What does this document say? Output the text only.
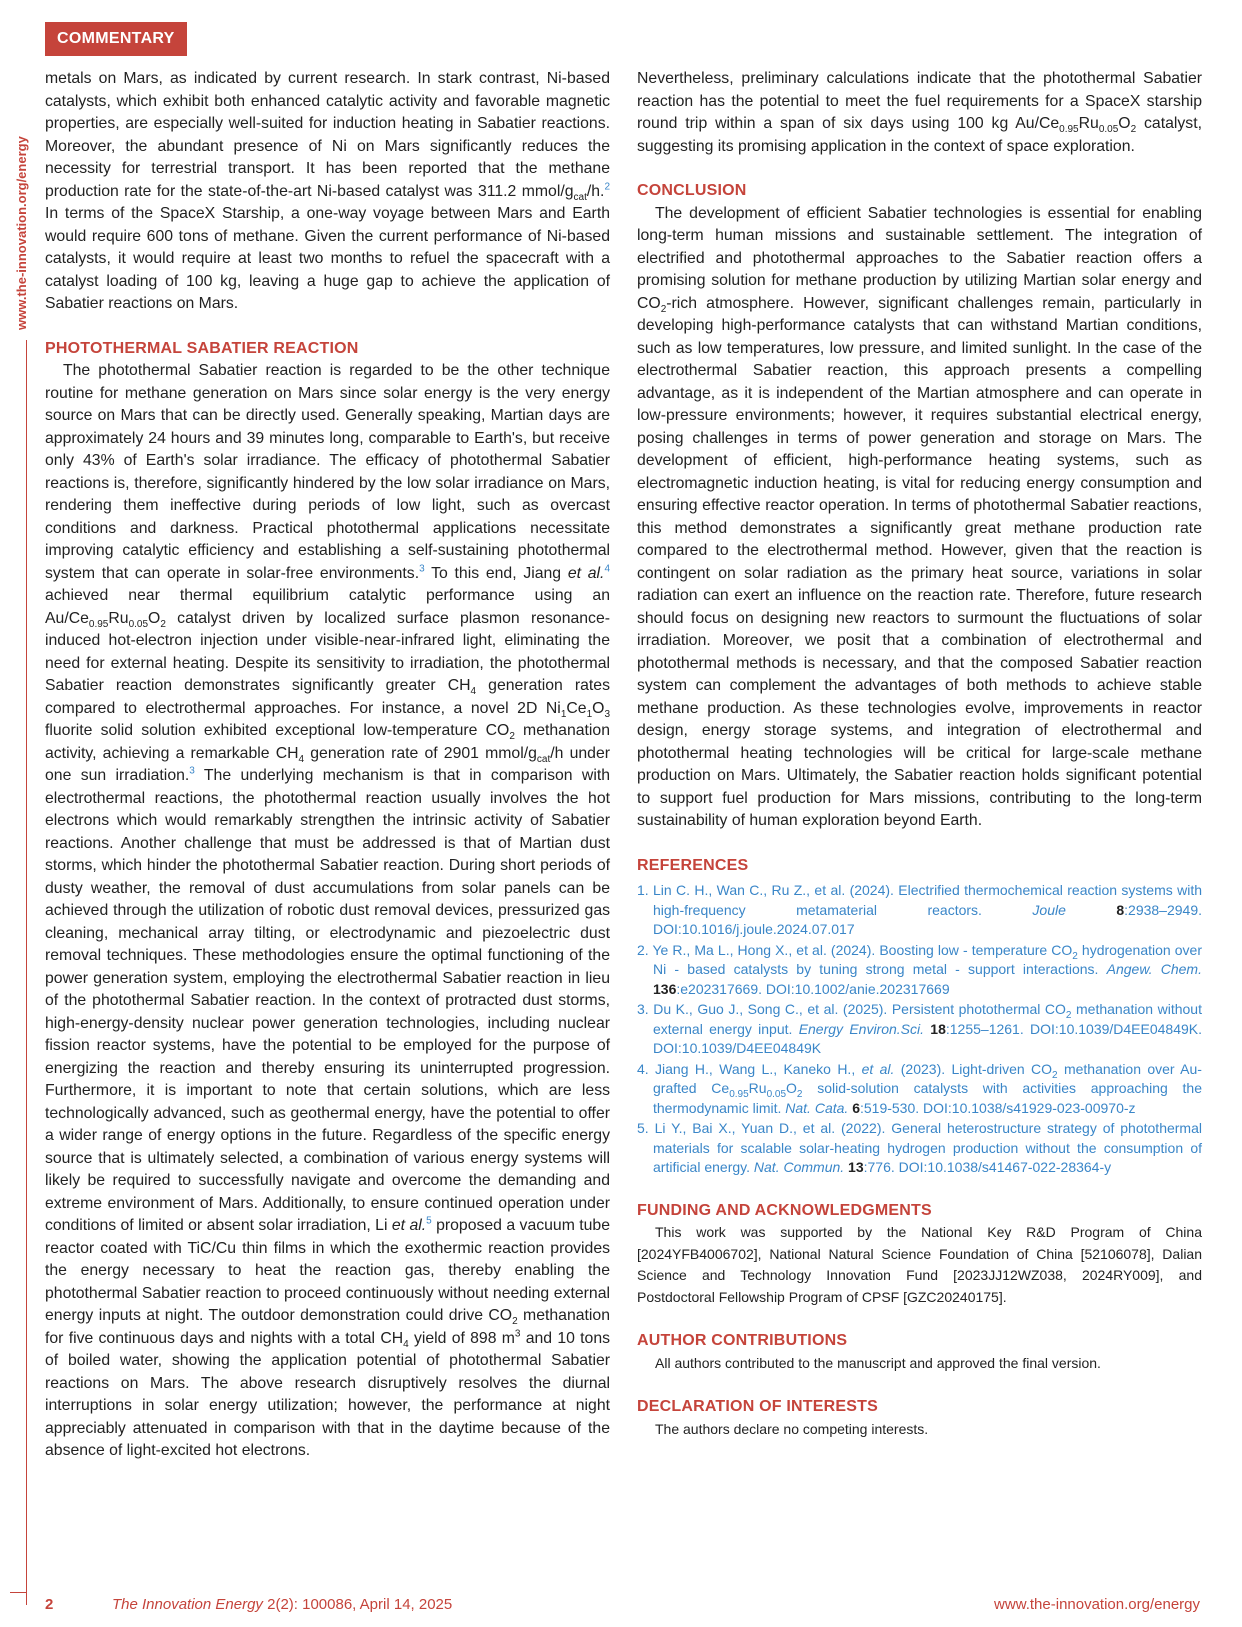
COMMENTARY
www.the-innovation.org/energy

metals on Mars, as indicated by current research. In stark contrast, Ni-based catalysts, which exhibit both enhanced catalytic activity and favorable magnetic properties, are especially well-suited for induction heating in Sabatier reactions. Moreover, the abundant presence of Ni on Mars significantly reduces the necessity for terrestrial transport. It has been reported that the methane production rate for the state-of-the-art Ni-based catalyst was 311.2 mmol/$g_{cat}/h.^2$ In terms of the SpaceX Starship, a one-way voyage between Mars and Earth would require 600 tons of methane. Given the current performance of Ni-based catalysts, it would require at least two months to refuel the spacecraft with a catalyst loading of 100 kg, leaving a huge gap to achieve the application of Sabatier reactions on Mars.

PHOTOTHERMAL SABATIER REACTION

The photothermal Sabatier reaction is regarded to be the other technique routine for methane generation on Mars since solar energy is the very energy source on Mars that can be directly used. Generally speaking, Martian days are approximately 24 hours and 39 minutes long, comparable to Earth's, but receive only 43% of Earth's solar irradiance. The efficacy of photothermal Sabatier reactions is, therefore, significantly hindered by the low solar irradiance on Mars, rendering them ineffective during periods of low light, such as overcast conditions and darkness. Practical photothermal applications necessitate improving catalytic efficiency and establishing a self-sustaining photothermal system that can operate in solar-free environments.$^3$ To this end, Jiang et al.$^4$ achieved near thermal equilibrium catalytic performance using an $Au/Ce_{0.95}Ru_{0.05}O_2$ catalyst driven by localized surface plasmon resonance-induced hot-electron injection under visible-near-infrared light, eliminating the need for external heating. Despite its sensitivity to irradiation, the photothermal Sabatier reaction demonstrates significantly greater $CH_4$ generation rates compared to electrothermal approaches. For instance, a novel 2D $Ni_1Ce_1O_3$ fluorite solid solution exhibited exceptional low-temperature $CO_2$ methanation activity, achieving a remarkable $CH_4$ generation rate of 2901 mmol/$g_{cat}/h$ under one sun irradiation.$^3$ The underlying mechanism is that in comparison with electrothermal reactions, the photothermal reaction usually involves the hot electrons which would remarkably strengthen the intrinsic activity of Sabatier reactions. Another challenge that must be addressed is that of Martian dust storms, which hinder the photothermal Sabatier reaction. During short periods of dusty weather, the removal of dust accumulations from solar panels can be achieved through the utilization of robotic dust removal devices, pressurized gas cleaning, mechanical array tilting, or electrodynamic and piezoelectric dust removal techniques. These methodologies ensure the optimal functioning of the power generation system, employing the electrothermal Sabatier reaction in lieu of the photothermal Sabatier reaction. In the context of protracted dust storms, high-energy-density nuclear power generation technologies, including nuclear fission reactor systems, have the potential to be employed for the purpose of energizing the reaction and thereby ensuring its uninterrupted progression. Furthermore, it is important to note that certain solutions, which are less technologically advanced, such as geothermal energy, have the potential to offer a wider range of energy options in the future. Regardless of the specific energy source that is ultimately selected, a combination of various energy systems will likely be required to successfully navigate and overcome the demanding and extreme environment of Mars. Additionally, to ensure continued operation under conditions of limited or absent solar irradiation, Li et al.$^5$ proposed a vacuum tube reactor coated with TiC/Cu thin films in which the exothermic reaction provides the energy necessary to heat the reaction gas, thereby enabling the photothermal Sabatier reaction to proceed continuously without needing external energy inputs at night. The outdoor demonstration could drive $CO_2$ methanation for five continuous days and nights with a total $CH_4$ yield of 898 $m^3$ and 10 tons of boiled water, showing the application potential of photothermal Sabatier reactions on Mars. The above research disruptively resolves the diurnal interruptions in solar energy utilization; however, the performance at night appreciably attenuated in comparison with that in the daytime because of the absence of light-excited hot electrons.

Nevertheless, preliminary calculations indicate that the photothermal Sabatier reaction has the potential to meet the fuel requirements for a SpaceX starship round trip within a span of six days using 100 kg $Au/Ce_{0.95}Ru_{0.05}O_2$ catalyst, suggesting its promising application in the context of space exploration.

CONCLUSION

The development of efficient Sabatier technologies is essential for enabling long-term human missions and sustainable settlement. The integration of electrified and photothermal approaches to the Sabatier reaction offers a promising solution for methane production by utilizing Martian solar energy and $CO_2$-rich atmosphere. However, significant challenges remain, particularly in developing high-performance catalysts that can withstand Martian conditions, such as low temperatures, low pressure, and limited sunlight. In the case of the electrothermal Sabatier reaction, this approach presents a compelling advantage, as it is independent of the Martian atmosphere and can operate in low-pressure environments; however, it requires substantial electrical energy, posing challenges in terms of power generation and storage on Mars. The development of efficient, high-performance heating systems, such as electromagnetic induction heating, is vital for reducing energy consumption and ensuring effective reactor operation. In terms of photothermal Sabatier reactions, this method demonstrates a significantly great methane production rate compared to the electrothermal method. However, given that the reaction is contingent on solar radiation as the primary heat source, variations in solar radiation can exert an influence on the reaction rate. Therefore, future research should focus on designing new reactors to surmount the fluctuations of solar irradiation. Moreover, we posit that a combination of electrothermal and photothermal methods is necessary, and that the composed Sabatier reaction system can complement the advantages of both methods to achieve stable methane production. As these technologies evolve, improvements in reactor design, energy storage systems, and integration of electrothermal and photothermal heating technologies will be critical for large-scale methane production on Mars. Ultimately, the Sabatier reaction holds significant potential to support fuel production for Mars missions, contributing to the long-term sustainability of human exploration beyond Earth.

REFERENCES
1. Lin C. H., Wan C., Ru Z., et al. (2024). Electrified thermochemical reaction systems with high-frequency metamaterial reactors. Joule	8:2938–2949. DOI:10.1016/j.joule.2024.07.017
2. Ye R., Ma L., Hong X., et al. (2024). Boosting low - temperature $CO_2$ hydrogenation over Ni - based catalysts by tuning strong metal - support interactions. Angew. Chem. 136:e202317669. DOI:10.1002/anie.202317669
3. Du K., Guo J., Song C., et al. (2025). Persistent photothermal $CO_2$ methanation without external energy input. Energy Environ.Sci. 18:1255–1261. DOI:10.1039/D4EE04849K. DOI:10.1039/D4EE04849K
4. Jiang H., Wang L., Kaneko H., et al. (2023). Light-driven $CO_2$ methanation over Au-grafted $Ce_{0.95}Ru_{0.05}O_2$ solid-solution catalysts with activities approaching the thermodynamic limit. Nat. Cata. 6:519-530. DOI:10.1038/s41929-023-00970-z
5. Li Y., Bai X., Yuan D., et al. (2022). General heterostructure strategy of photothermal materials for scalable solar-heating hydrogen production without the consumption of artificial energy. Nat. Commun. 13:776. DOI:10.1038/s41467-022-28364-y
FUNDING AND ACKNOWLEDGMENTS

This work was supported by the National Key R&D Program of China [2024YFB4006702], National Natural Science Foundation of China [52106078], Dalian Science and Technology Innovation Fund [2023JJ12WZ038, 2024RY009], and Postdoctoral Fellowship Program of CPSF [GZC20240175].

AUTHOR CONTRIBUTIONS

All authors contributed to the manuscript and approved the final version.

DECLARATION OF INTERESTS

The authors declare no competing interests.

2	The Innovation Energy 2(2): 100086, April 14, 2025	www.the-innovation.org/energy
